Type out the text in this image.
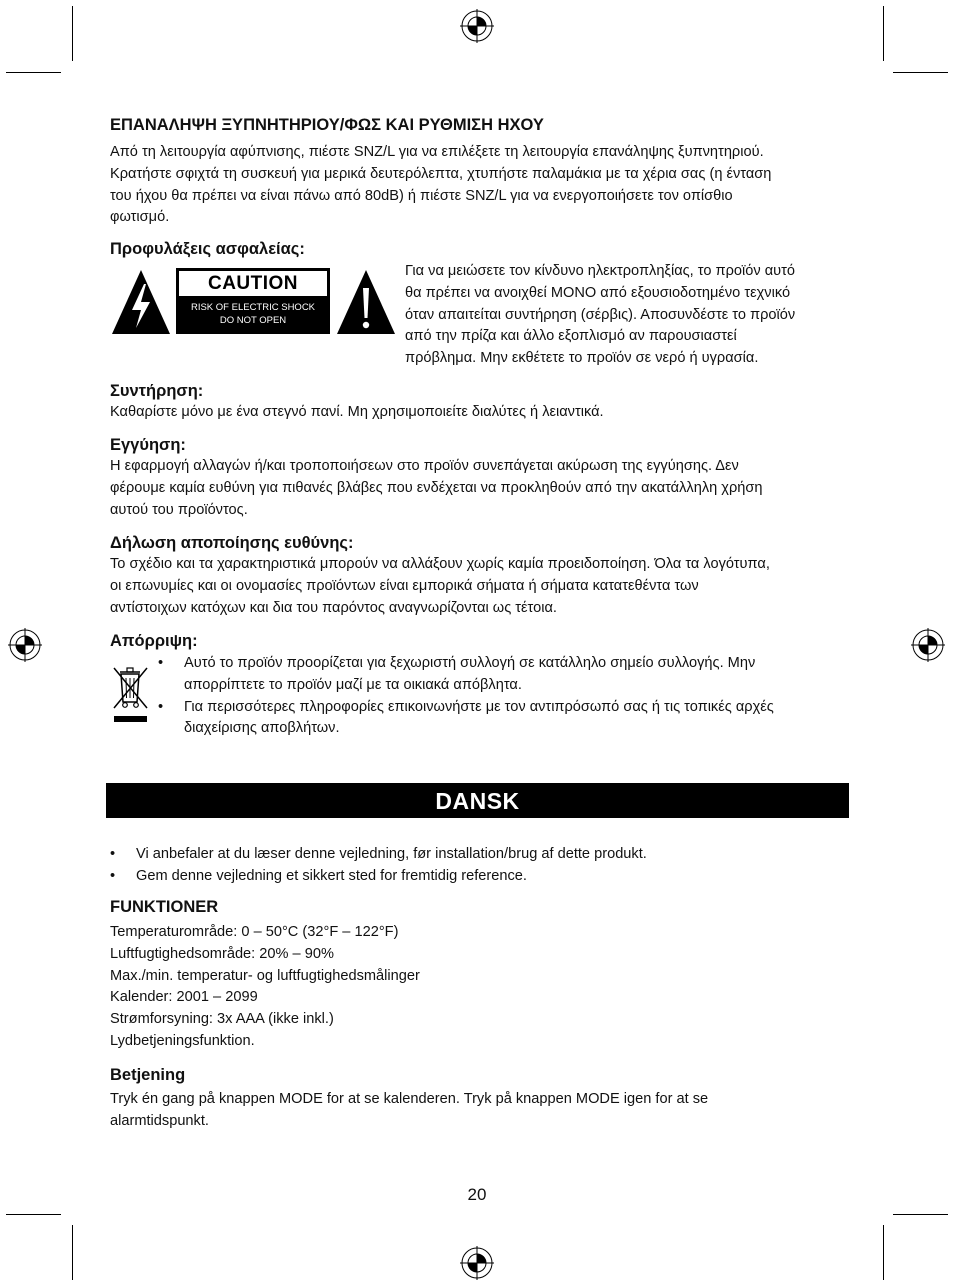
ΕΠΑΝΑΛΗΨΗ ΞΥΠΝΗΤΗΡΙΟΥ/ΦΩΣ ΚΑΙ ΡΥΘΜΙΣΗ ΗΧΟΥ

Από τη λειτουργία αφύπνισης, πιέστε SNZ/L για να επιλέξετε τη λειτουργία επανάληψης ξυπνητηριού.

Κρατήστε σφιχτά τη συσκευή για μερικά δευτερόλεπτα, χτυπήστε παλαμάκια με τα χέρια σας (η ένταση

του ήχου θα πρέπει να είναι πάνω από 80dB) ή πιέστε SNZ/L για να ενεργοποιήσετε τον οπίσθιο

φωτισμό.

Προφυλάξεις ασφαλείας:
CAUTION
RISK OF ELECTRIC SHOCK
DO NOT OPEN

Για να μειώσετε τον κίνδυνο ηλεκτροπληξίας, το προϊόν αυτό

θα πρέπει να ανοιχθεί ΜΟΝΟ από εξουσιοδοτημένο τεχνικό

όταν απαιτείται συντήρηση (σέρβις). Αποσυνδέστε το προϊόν

από την πρίζα και άλλο εξοπλισμό αν παρουσιαστεί

πρόβλημα. Μην εκθέτετε το προϊόν σε νερό ή υγρασία.

Συντήρηση:

Καθαρίστε μόνο με ένα στεγνό πανί. Μη χρησιμοποιείτε διαλύτες ή λειαντικά.

Εγγύηση:

Η εφαρμογή αλλαγών ή/και τροποποιήσεων στο προϊόν συνεπάγεται ακύρωση της εγγύησης. Δεν

φέρουμε καμία ευθύνη για πιθανές βλάβες που ενδέχεται να προκληθούν από την ακατάλληλη χρήση

αυτού του προϊόντος.

Δήλωση αποποίησης ευθύνης:

Το σχέδιο και τα χαρακτηριστικά μπορούν να αλλάξουν χωρίς καμία προειδοποίηση. Όλα τα λογότυπα,

οι επωνυμίες και οι ονομασίες προϊόντων είναι εμπορικά σήματα ή σήματα κατατεθέντα των

αντίστοιχων κατόχων και δια του παρόντος αναγνωρίζονται ως τέτοια.

Απόρριψη:
• Αυτό το προϊόν προορίζεται για ξεχωριστή συλλογή σε κατάλληλο σημείο συλλογής. Μην
απορρίπτετε το προϊόν μαζί με τα οικιακά απόβλητα.
• Για περισσότερες πληροφορίες επικοινωνήστε με τον αντιπρόσωπό σας ή τις τοπικές αρχές
διαχείρισης αποβλήτων.
DANSK
• Vi anbefaler at du læser denne vejledning, før installation/brug af dette produkt.
• Gem denne vejledning et sikkert sted for fremtidig reference.
FUNKTIONER

Temperaturområde: 0 – 50°C (32°F – 122°F)

Luftfugtighedsområde: 20% – 90%

Max./min. temperatur- og luftfugtighedsmålinger

Kalender: 2001 – 2099

Strømforsyning: 3x AAA (ikke inkl.)

Lydbetjeningsfunktion.

Betjening

Tryk én gang på knappen MODE for at se kalenderen. Tryk på knappen MODE igen for at se

alarmtidspunkt.

20
